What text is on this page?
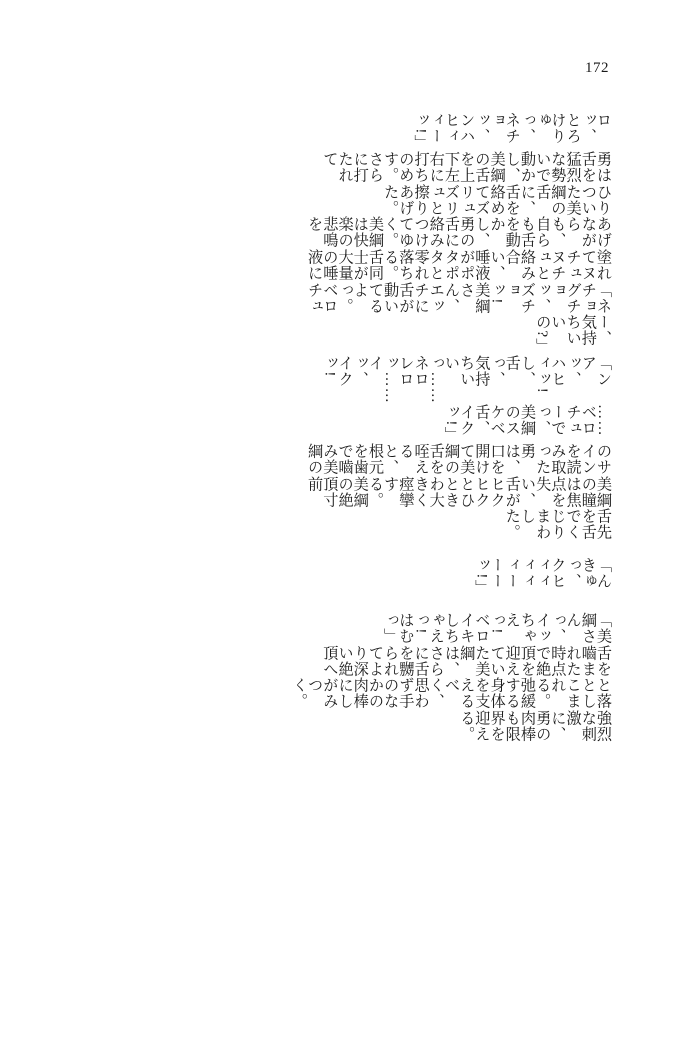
172
ロッ、とろけりゅっ、ネチョッ、ンハヒィィーッ!」
勇は舌を猛烈な勢いで動かし、美綱の舌を上下左右に打ちのめす。さらに打たれて
ひりついた美綱の舌に、舌を絡めてズリュズリュと擦りあげた。
あげながらも、自らも舌を動かし、勇の舌に絡みつけてゆく。美綱は快楽の悲鳴を
塗れてヌチュヌチュと絡み合い、唾液がポタポタと零れ落ちる。舌同士が大量の唾液に
「ネチョグチョッ、ズチョッ! 美綱さん、エッチに舌が動いてるよっ。ベロチュ
ー、気持ちいいの?」
「ンアッ、ハヒィッ! し、舌っ、気持ちいいっ……ネロレロッ……イッ、イクッ!
……ベロチューでっ、美綱のスケベ舌、イクッ!」
のサインを読み取った勇は、口を開けて美綱の舌を咥えると、根元を歯で嚙み美綱の
美綱の瞳は焦点を失い、舌がヒクヒクとひときわ大きく痙攣する。美綱の絶頂寸前
舌先を舌でくじりまわした。
「んきゅっ、クヒィィィィィーーーッ!」
「美綱さんっ、イッちゃえっ! ベロイキしちゃえっ! はむっ」
舌を嚙まれた時点で絶頂を迎えていた美綱は、さらに舌を嬲られてより深い絶頂へ
と落としこまれる。弛緩する身体を支えるべく、思わず手のなかの肉棒にしがみつく。
強烈な刺激に、勇の肉棒も限界を迎える。
